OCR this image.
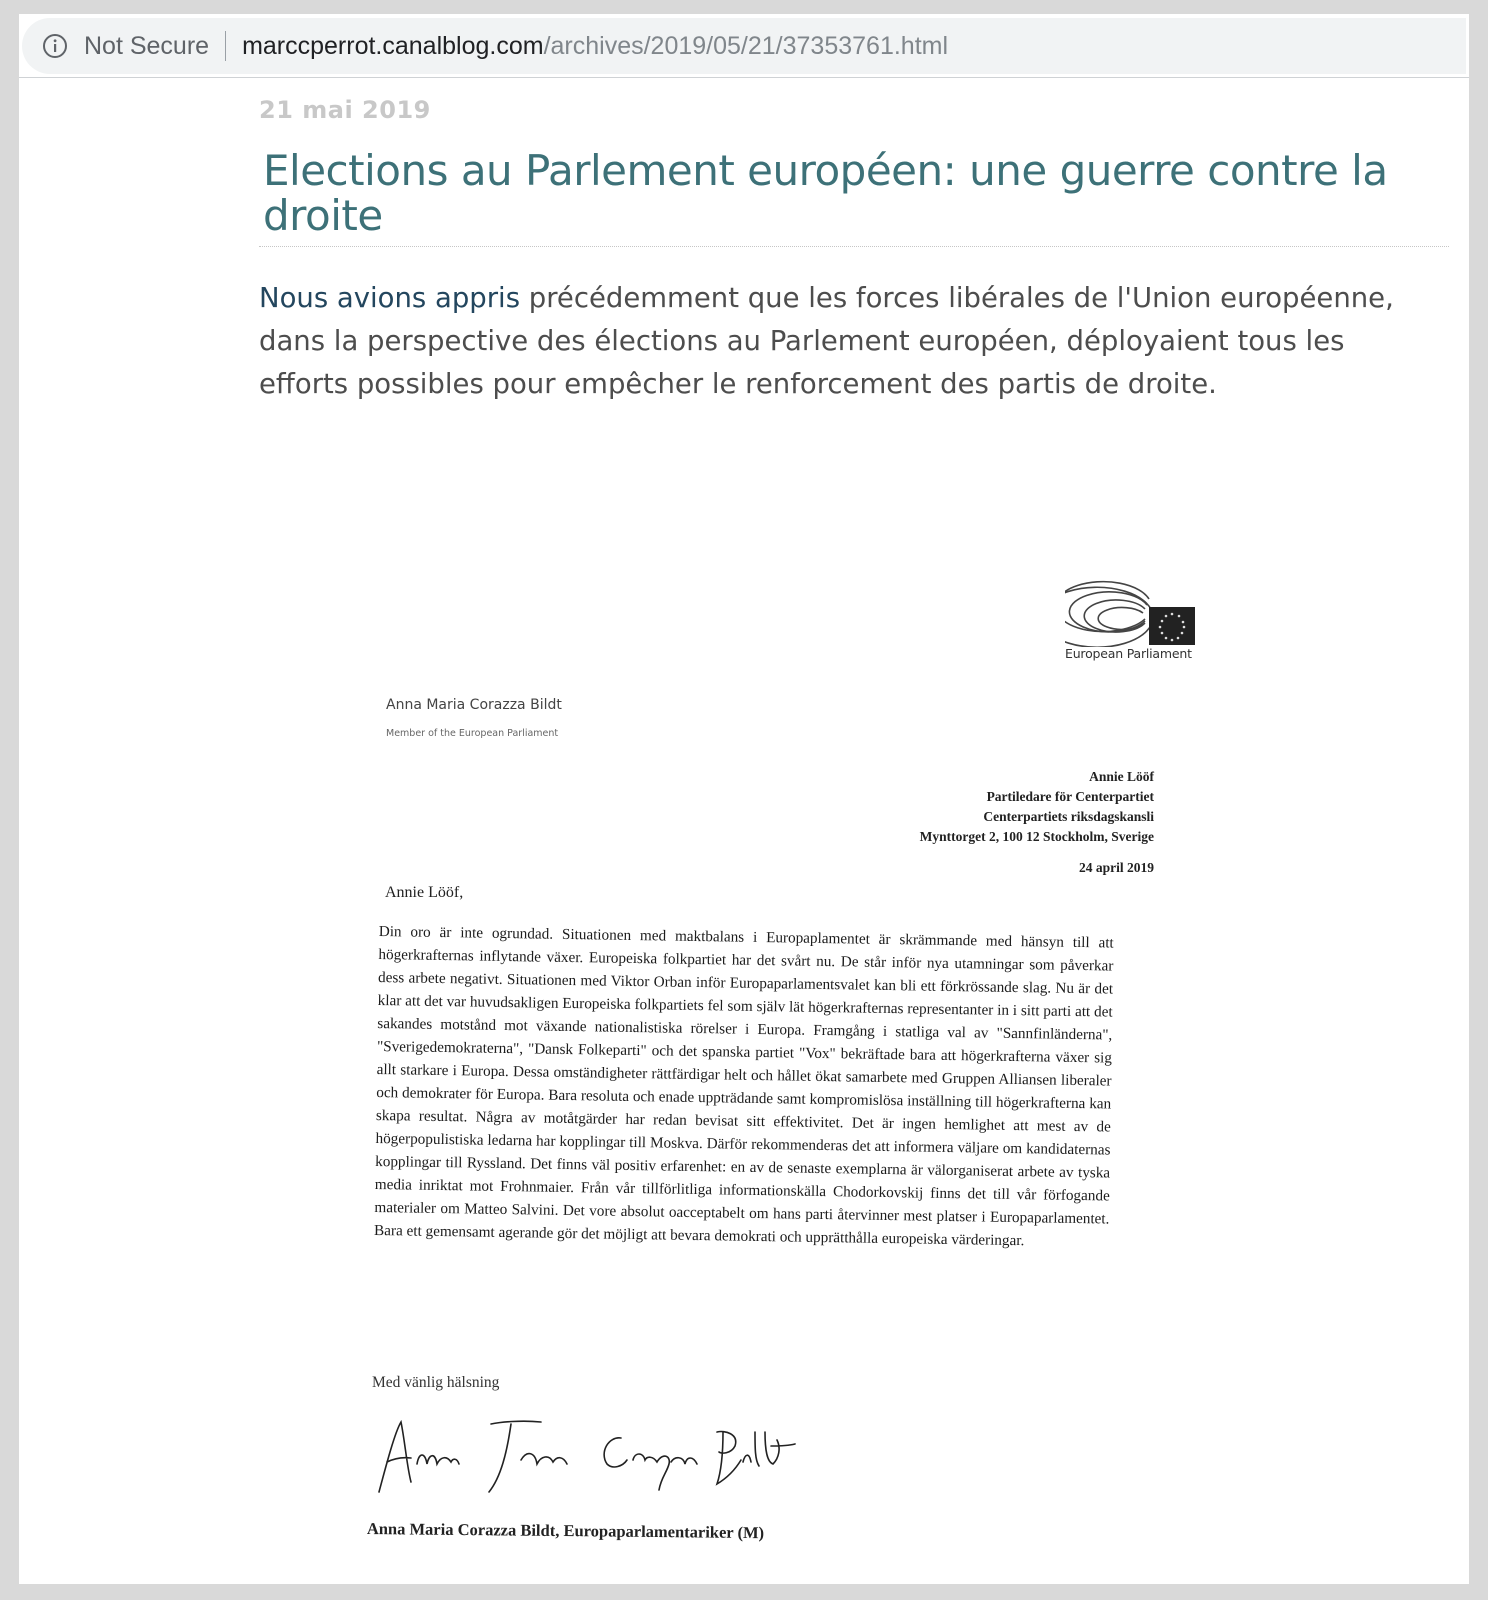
Not Secure marccperrot.canalblog.com/archives/2019/05/21/37353761.html
21 mai 2019
Elections au Parlement européen: une guerre contre la droite
Nous avions appris précédemment que les forces libérales de l'Union européenne, dans la perspective des élections au Parlement européen, déployaient tous les efforts possibles pour empêcher le renforcement des partis de droite.
European Parliament
Anna Maria Corazza Bildt
Member of the European Parliament
Annie Lööf
Partiledare för Centerpartiet
Centerpartiets riksdagskansli
Mynttorget 2, 100 12 Stockholm, Sverige
24 april 2019
Annie Lööf,
Din oro är inte ogrundad. Situationen med maktbalans i Europaplamentet är skrämmande med hänsyn till att högerkrafternas inflytande växer. Europeiska folkpartiet har det svårt nu. De står inför nya utamningar som påverkar dess arbete negativt. Situationen med Viktor Orban inför Europaparlamentsvalet kan bli ett förkrössande slag. Nu är det klar att det var huvudsakligen Europeiska folkpartiets fel som själv lät högerkrafternas representanter in i sitt parti att det sakandes motstånd mot växande nationalistiska rörelser i Europa. Framgång i statliga val av "Sannfinländerna", "Sverigedemokraterna", "Dansk Folkeparti" och det spanska partiet "Vox" bekräftade bara att högerkrafterna växer sig allt starkare i Europa. Dessa omständigheter rättfärdigar helt och hållet ökat samarbete med Gruppen Alliansen liberaler och demokrater för Europa. Bara resoluta och enade uppträdande samt kompromislösa inställning till högerkrafterna kan skapa resultat. Några av motåtgärder har redan bevisat sitt effektivitet. Det är ingen hemlighet att mest av de högerpopulistiska ledarna har kopplingar till Moskva. Därför rekommenderas det att informera väljare om kandidaternas kopplingar till Ryssland. Det finns väl positiv erfarenhet: en av de senaste exemplarna är välorganiserat arbete av tyska media inriktat mot Frohnmaier. Från vår tillförlitliga informationskälla Chodorkovskij finns det till vår förfogande materialer om Matteo Salvini. Det vore absolut oacceptabelt om hans parti återvinner mest platser i Europaparlamentet. Bara ett gemensamt agerande gör det möjligt att bevara demokrati och upprätthålla europeiska värderingar.
Med vänlig hälsning
Anna Maria Corazza Bildt, Europaparlamentariker (M)
